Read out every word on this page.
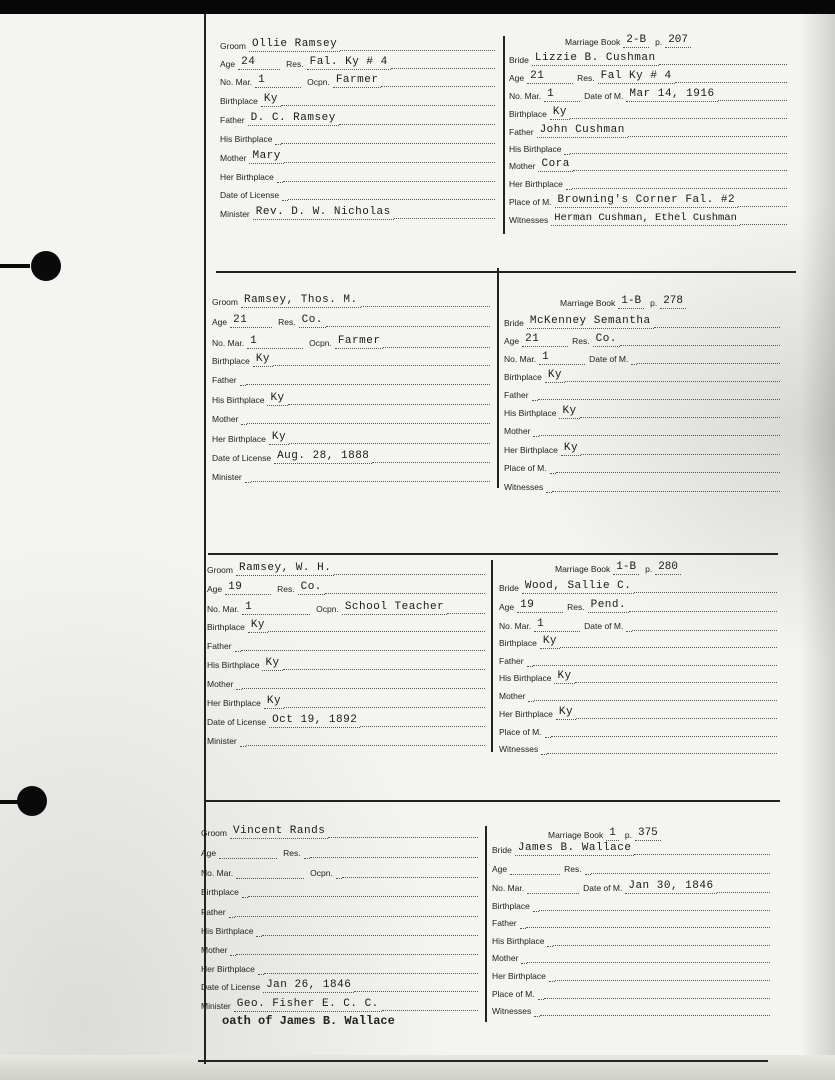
Groom Ollie Ramsey
Age 24	Res. Fal. Ky # 4
No. Mar. 1	Ocpn. Farmer
Birthplace Ky
Father D. C. Ramsey
His Birthplace
Mother Mary
Her Birthplace
Date of License
Minister Rev. D. W. Nicholas
Marriage Book 2-B	p. 207
Bride Lizzie B. Cushman
Age 21	Res. Fal Ky # 4
No. Mar. 1	Date of M. Mar 14, 1916
Birthplace Ky
Father John Cushman
His Birthplace
Mother Cora
Her Birthplace
Place of M. Browning's Corner Fal. #2
Witnesses Herman Cushman, Ethel Cushman
Groom Ramsey, Thos. M.
Age 21	Res. Co.
No. Mar. 1	Ocpn. Farmer
Birthplace Ky
Father
His Birthplace Ky
Mother
Her Birthplace Ky
Date of License Aug. 28, 1888
Minister
Marriage Book 1-B	p. 278
Bride McKenney Semantha
Age 21	Res. Co.
No. Mar. 1	Date of M.
Birthplace Ky
Father
His Birthplace Ky
Mother
Her Birthplace Ky
Place of M.
Witnesses
Groom Ramsey, W. H.
Age 19	Res. Co.
No. Mar. 1	Ocpn. School Teacher
Birthplace Ky
Father
His Birthplace Ky
Mother
Her Birthplace Ky
Date of License Oct 19, 1892
Minister
Marriage Book 1-B	p. 280
Bride Wood, Sallie C.
Age 19	Res. Pend.
No. Mar. 1	Date of M.
Birthplace Ky
Father
His Birthplace Ky
Mother
Her Birthplace Ky
Place of M.
Witnesses
Groom Vincent Rands
Age	Res.
No. Mar.	Ocpn.
Birthplace
Father
His Birthplace
Mother
Her Birthplace
Date of License Jan 26, 1846
Minister Geo. Fisher E. C. C.
oath of James B. Wallace
Marriage Book 1	p. 375
Bride James B. Wallace
Age	Res.
No. Mar.	Date of M. Jan 30, 1846
Birthplace
Father
His Birthplace
Mother
Her Birthplace
Place of M.
Witnesses
